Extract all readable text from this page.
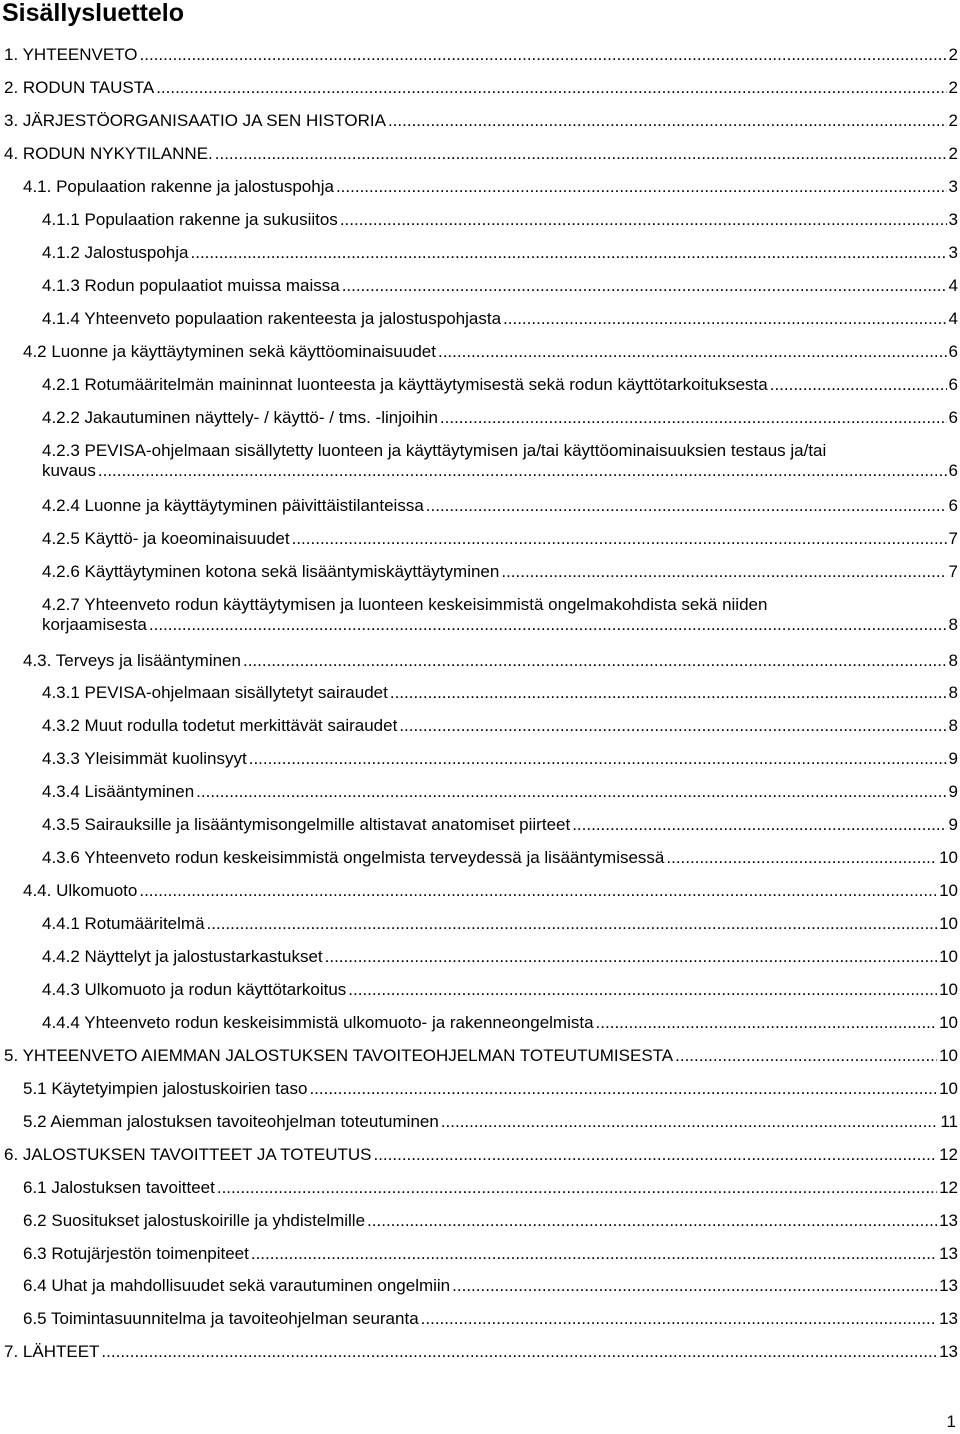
Sisällysluettelo
1. YHTEENVETO .....	2
2. RODUN TAUSTA .....	2
3. JÄRJESTÖORGANISAATIO JA SEN HISTORIA .....	2
4. RODUN NYKYTILANNE. .....	2
4.1. Populaation rakenne ja jalostuspohja .....	3
4.1.1 Populaation rakenne ja sukusiitos .....	3
4.1.2 Jalostuspohja .....	3
4.1.3 Rodun populaatiot muissa maissa .....	4
4.1.4 Yhteenveto populaation rakenteesta ja jalostuspohjasta .....	4
4.2 Luonne ja käyttäytyminen sekä käyttöominaisuudet .....	6
4.2.1 Rotumääritelmän maininnat luonteesta ja käyttäytymisestä sekä rodun käyttötarkoituksesta .....	6
4.2.2 Jakautuminen näyttely- / käyttö- / tms. -linjoihin .....	6
4.2.3 PEVISA-ohjelmaan sisällytetty luonteen ja käyttäytymisen ja/tai käyttöominaisuuksien testaus ja/tai
kuvaus .....	6
4.2.4 Luonne ja käyttäytyminen päivittäistilanteissa .....	6
4.2.5 Käyttö- ja koeominaisuudet .....	7
4.2.6 Käyttäytyminen kotona sekä lisääntymiskäyttäytyminen .....	7
4.2.7 Yhteenveto rodun käyttäytymisen ja luonteen keskeisimmistä ongelmakohdista sekä niiden
korjaamisesta .....	8
4.3. Terveys ja lisääntyminen .....	8
4.3.1 PEVISA-ohjelmaan sisällytetyt sairaudet .....	8
4.3.2 Muut rodulla todetut merkittävät sairaudet .....	8
4.3.3 Yleisimmät kuolinsyyt .....	9
4.3.4 Lisääntyminen .....	9
4.3.5 Sairauksille ja lisääntymisongelmille altistavat anatomiset piirteet .....	9
4.3.6 Yhteenveto rodun keskeisimmistä ongelmista terveydessä ja lisääntymisessä .....	10
4.4. Ulkomuoto .....	10
4.4.1 Rotumääritelmä .....	10
4.4.2 Näyttelyt ja jalostustarkastukset .....	10
4.4.3 Ulkomuoto ja rodun käyttötarkoitus .....	10
4.4.4 Yhteenveto rodun keskeisimmistä ulkomuoto- ja rakenneongelmista .....	10
5. YHTEENVETO AIEMMAN JALOSTUKSEN TAVOITEOHJELMAN TOTEUTUMISESTA .....	10
5.1 Käytetyimpien jalostuskoirien taso .....	10
5.2 Aiemman jalostuksen tavoiteohjelman toteutuminen .....	11
6. JALOSTUKSEN TAVOITTEET JA TOTEUTUS .....	12
6.1 Jalostuksen tavoitteet .....	12
6.2 Suositukset jalostuskoirille ja yhdistelmille .....	13
6.3 Rotujärjestön toimenpiteet .....	13
6.4 Uhat ja mahdollisuudet sekä varautuminen ongelmiin .....	13
6.5 Toimintasuunnitelma ja tavoiteohjelman seuranta .....	13
7. LÄHTEET .....	13
1
